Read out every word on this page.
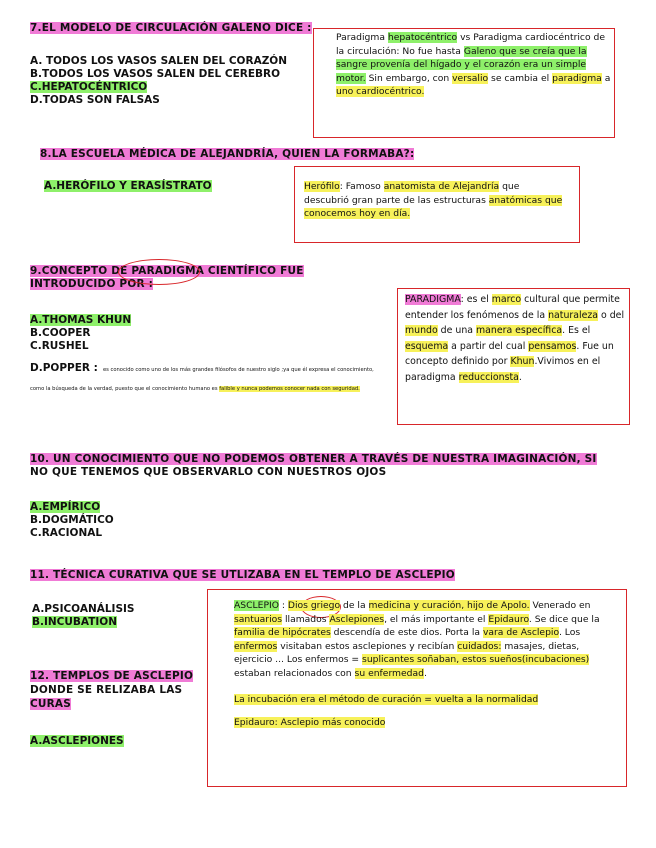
7.EL MODELO DE CIRCULACIÓN GALENO DICE :
A. TODOS LOS VASOS SALEN DEL CORAZÓN
B.TODOS LOS VASOS SALEN DEL CEREBRO
C.HEPATOCÉNTRICO
D.TODAS SON FALSAS
Paradigma hepatocéntrico vs Paradigma cardiocéntrico de la circulación: No fue hasta Galeno que se creía que la sangre provenía del hígado y el corazón era un simple motor. Sin embargo, con versalio se cambia el paradigma a uno cardiocéntrico.
8.LA ESCUELA MÉDICA DE ALEJANDRÍA, QUIEN LA FORMABA?:
A.HERÓFILO Y ERASÍSTRATO	Herófilo: Famoso anatomista de Alejandría que descubrió gran parte de las estructuras anatómicas que conocemos hoy en día.
9.CONCEPTO DE PARADIGMA CIENTÍFICO FUE INTRODUCIDO POR :
A.THOMAS KHUN
B.COOPER
C.RUSHEL
D.POPPER : es conocido como uno de los más grandes filósofos de nuestro siglo ;ya que él expresa el conocimiento, como la búsqueda de la verdad, puesto que el conocimiento humano es falible y nunca podemos conocer nada con seguridad.
PARADIGMA: es el marco cultural que permite entender los fenómenos de la naturaleza o del mundo de una manera específica. Es el esquema a partir del cual pensamos. Fue un concepto definido por Khun.Vivimos en el paradigma reduccionsta.
10. UN CONOCIMIENTO QUE NO PODEMOS OBTENER A TRAVÉS DE NUESTRA IMAGINACIÓN, SI
NO QUE TENEMOS QUE OBSERVARLO CON NUESTROS OJOS
A.EMPÍRICO
B.DOGMÁTICO
C.RACIONAL
11. TÉCNICA CURATIVA QUE SE UTLIZABA EN EL TEMPLO DE ASCLEPIO
A.PSICOANÁLISIS
B.INCUBATION
12. TEMPLOS DE ASCLEPIO
DONDE SE RELIZABA LAS
CURAS
A.ASCLEPIONES
ASCLEPIO : Dios griego de la medicina y curación, hijo de Apolo. Venerado en santuarios llamados Asclepiones, el más importante el Epidauro. Se dice que la familia de hipócrates descendía de este dios. Porta la vara de Asclepio. Los enfermos visitaban estos asclepiones y recibían cuidados: masajes, dietas, ejercicio ... Los enfermos = suplicantes soñaban, estos sueños(incubaciones) estaban relacionados con su enfermedad.
La incubación era el método de curación = vuelta a la normalidad
Epidauro: Asclepio más conocido
